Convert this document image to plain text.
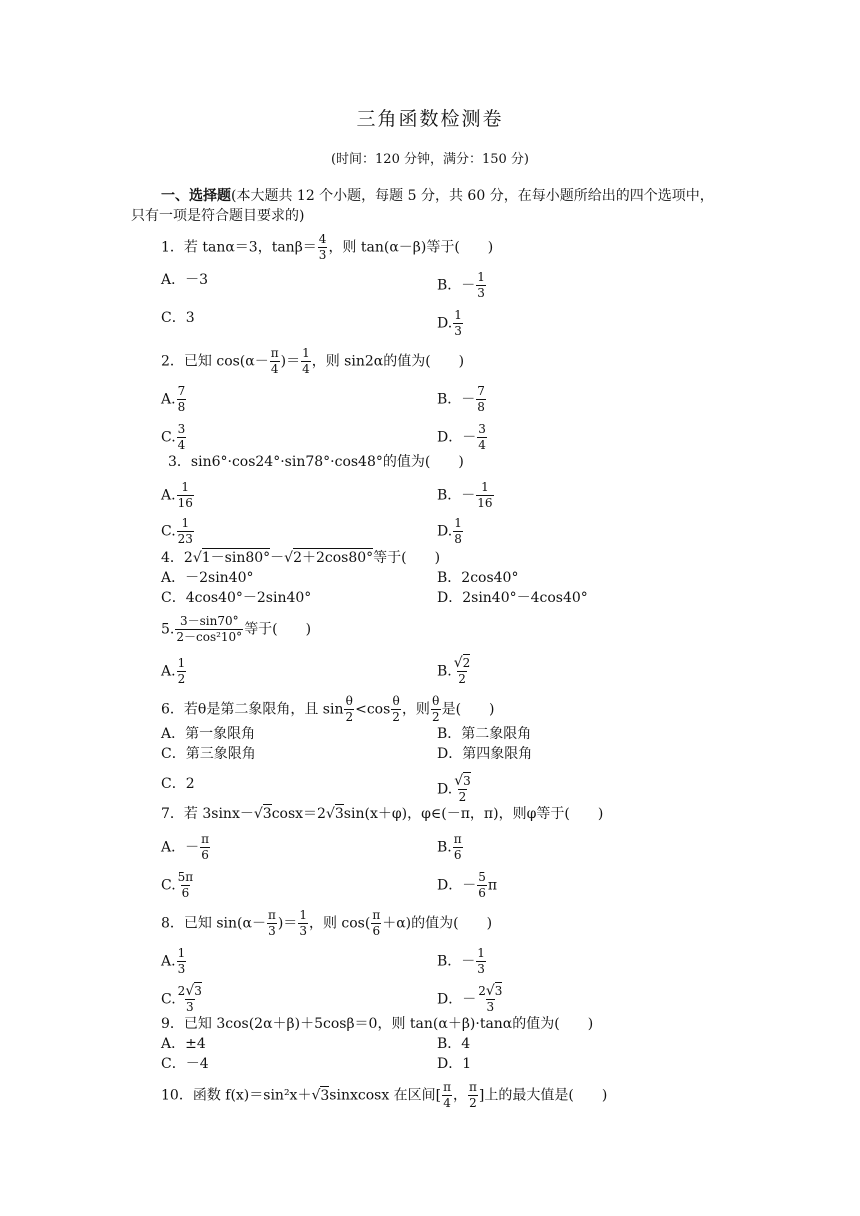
三角函数检测卷
(时间：120 分钟，满分：150 分)
一、选择题(本大题共 12 个小题，每题 5 分，共 60 分，在每小题所给出的四个选项中，
只有一项是符合题目要求的)
1．若 tanα＝3，$\tan\beta= \frac{4}{3}$ ，则 tan(α－β)等于(　　)
A．－3	B．－ $\frac{1}{3}$
C．3	D. $\frac{1}{3}$
2．已知 $\cos(\alpha- \frac{\pi}{4}$ )＝ $\frac{1}{4}$ ，则 sin2α的值为(　　)
A. $\frac{7}{8}$	B．－ $\frac{7}{8}$
C. $\frac{3}{4}$	D．－ $\frac{3}{4}$
3．sin6°·cos24°·sin78°·cos48°的值为(　　)
A. $\frac{1}{16}$	B．－ $\frac{1}{16}$
C. $\frac{1}{23}$	D. $\frac{1}{8}$
4．2√1－sin80°－√2＋2cos80°等于(　　)
A．－2sin40°	B．2cos40°
C．4cos40°－2sin40°	D．2sin40°－4cos40°
5. $\frac{3-\sin 70^\circ}{\text{2－cos²10°}}$ 等于(　　)
A. $\frac{1}{2}$	B. $\frac{√2}{2}$
6．若θ是第二象限角，且 $\sin \frac{\theta}{2} <\cos \frac{\theta}{2}$ ，则 $\frac{\theta}{2}$ 是(　　)
A．第一象限角	B．第二象限角
C．第三象限角	D．第四象限角
C．2	D. $\frac{√3}{2}$
7．若 3sinx－√3cosx＝2√3sin(x＋φ)，φ∈(－π，π)，则φ等于(　　)
A．－ $\frac{\pi}{6}$	B. $\frac{\pi}{6}$
C. $\frac{5\pi}{6}$	D．－ $\frac{5}{6}$ π
8．已知 $\sin(\alpha- \frac{\pi}{3}$ )＝ $\frac{1}{3}$ ，则 $\cos( \frac{\pi}{6} +\alpha)$的值为(　　)
A. $\frac{1}{3}$	B．－ $\frac{1}{3}$
C. $\frac{2√3}{3}$	D．－ $\frac{2√3}{3}$
9．已知 3cos(2α＋β)＋5cosβ＝0，则 tan(α＋β)·tanα的值为(　　)
A．±4	B．4
C．－4	D．1
10．函数 f(x)＝sin²x＋√3sinxcosx 在区间[ $\frac{\pi}{4}$ ， $\frac{\pi}{2}$ ]上的最大值是(　　)
